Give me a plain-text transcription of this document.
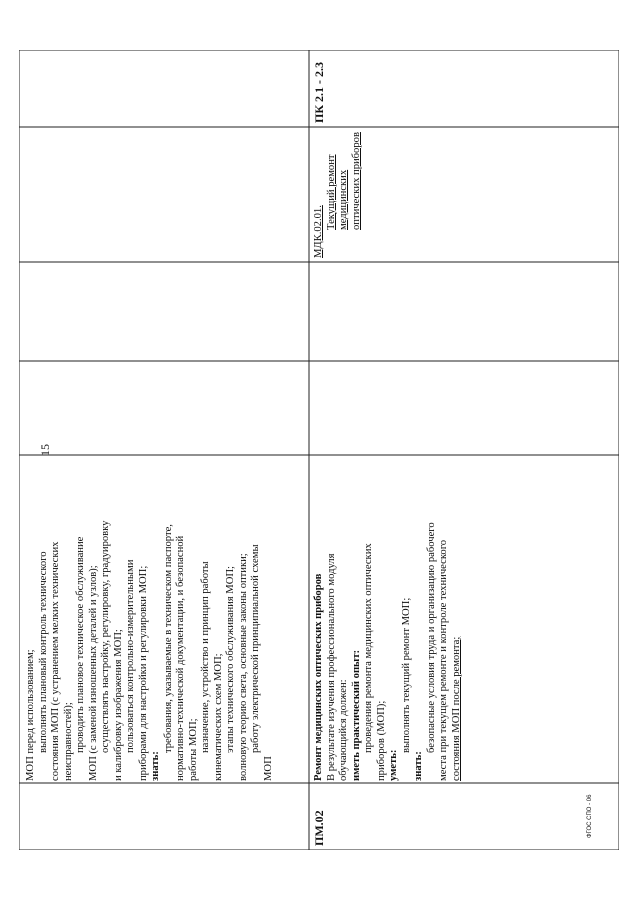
15
МОП перед использованием; выполнять плановый контроль технического состояния МОП (с устранением мелких технических неисправностей); проводить плановое техническое обслуживание МОП (с заменой изношенных деталей и узлов); осуществлять настройку, регулировку, градуировку и калибровку изображения МОП; пользоваться контрольно-измерительными приборами для настройки и регулировки МОП; знать:
требования, указываемые в техническом паспорте, нормативно-технической документации, и безопасной работы МОП; назначение, устройство и принцип работы кинематических схем МОП; этапы технического обслуживания МОП; волновую теорию света, основные законы оптики; работу электрической принципиальной схемы
МОП
ПМ.02
Ремонт медицинских оптических приборов В результате изучения профессионального модуля обучающийся должен: иметь практический опыт: проведения ремонта медицинских оптических приборов (МОП); уметь:
выполнять текущий ремонт МОП;
знать:
безопасные условия труда и организацию рабочего места при текущем ремонте и контроле технического состояния МОП после ремонта;
МДК.02.01.
Текущий ремонт медицинских оптических приборов
ПК 2.1 - 2.3
ФГОС СПО - 06
